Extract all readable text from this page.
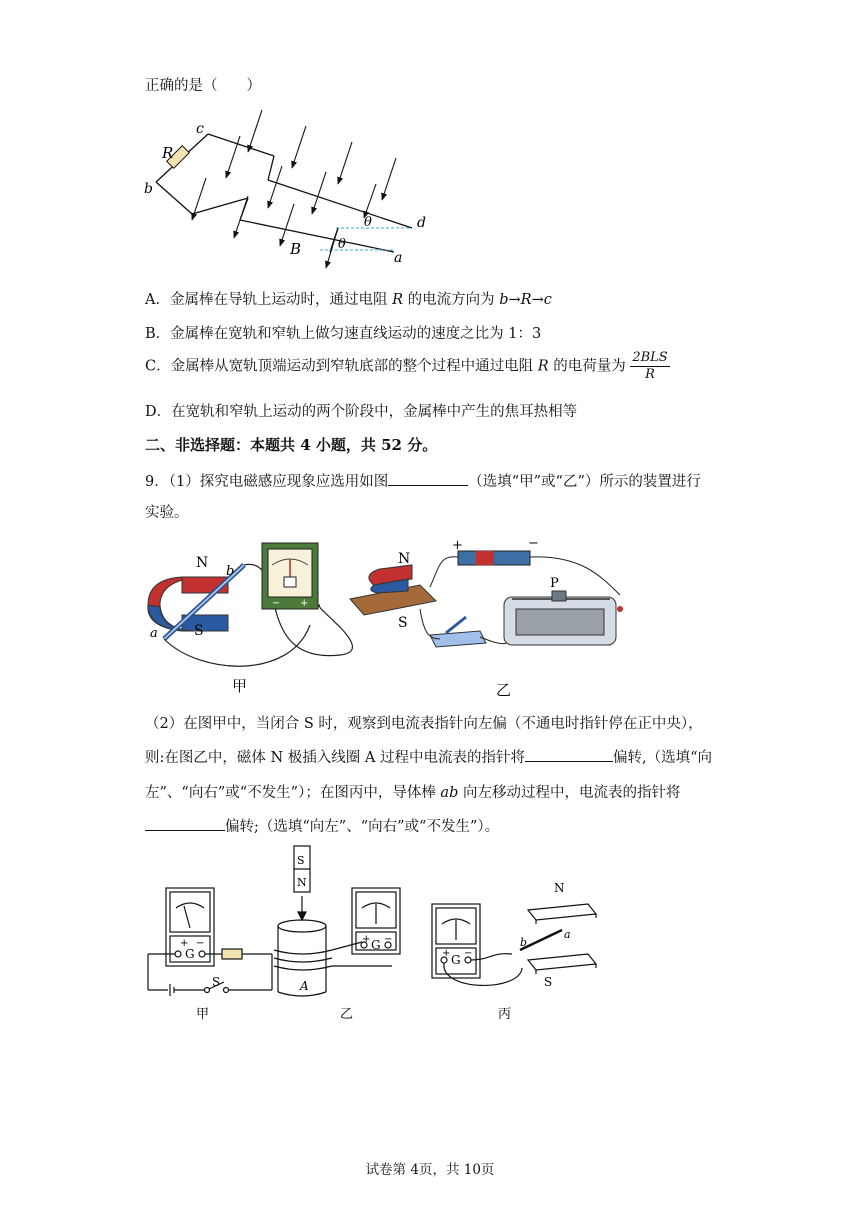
正确的是（　　）
c
R
b
d
a
B
θ
θ
A．金属棒在导轨上运动时，通过电阻 R 的电流方向为 b→R→c
B．金属棒在宽轨和窄轨上做匀速直线运动的速度之比为 1：3
C．金属棒从宽轨顶端运动到窄轨底部的整个过程中通过电阻 R 的电荷量为 $\frac{\text{2BLS}}{R}$
D．在宽轨和窄轨上运动的两个阶段中，金属棒中产生的焦耳热相等
二、非选择题：本题共 4 小题，共 52 分。
9．（1）探究电磁感应现象应选用如图	（选填“甲”或“乙”）所示的装置进行
实验。
− +
N
b
a	S
甲
N
S
+	−
P
乙
（2）在图甲中，当闭合 S 时，观察到电流表指针向左偏（不通电时指针停在正中央），
则:在图乙中，磁体 N 极插入线圈 A 过程中电流表的指针将	偏转,（选填“向
左”、“向右”或“不发生”）；在图丙中，导体棒 ab 向左移动过程中，电流表的指针将
偏转;（选填“向左”、“向右”或“不发生”）。
+
G
−
S
甲
S
N
A
乙
+ G −
+ G −
N
S
a
b
丙
试卷第 4页，共 10页
